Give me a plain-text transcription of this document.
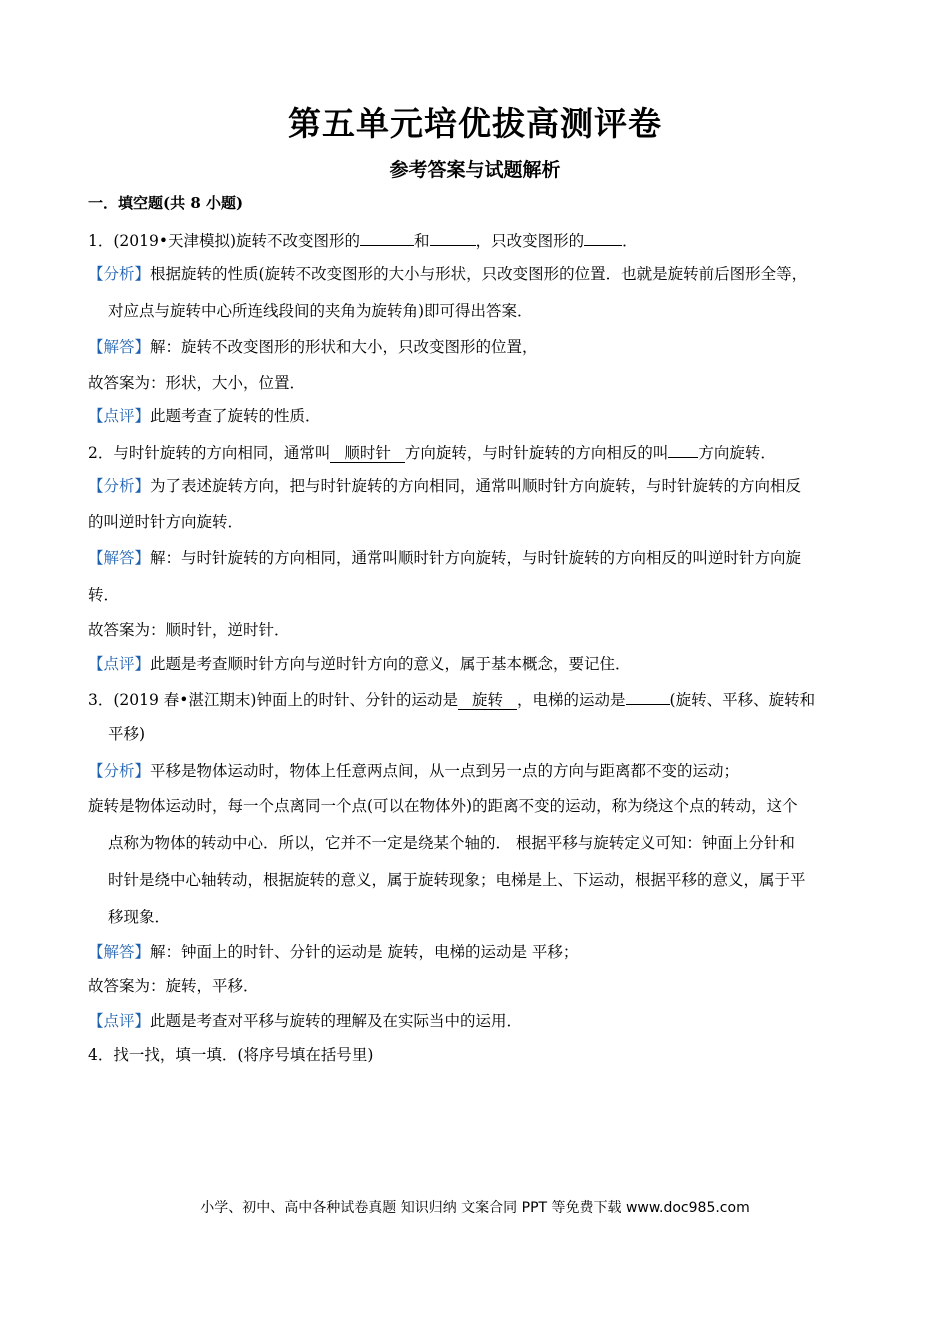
第五单元培优拔高测评卷
参考答案与试题解析
一．填空题(共 8 小题)
1．(2019•天津模拟)旋转不改变图形的	和	，只改变图形的 ．
【分析】根据旋转的性质(旋转不改变图形的大小与形状，只改变图形的位置．也就是旋转前后图形全等，
对应点与旋转中心所连线段间的夹角为旋转角)即可得出答案．
【解答】解：旋转不改变图形的形状和大小，只改变图形的位置，
故答案为：形状，大小，位置．
【点评】此题考查了旋转的性质．
2．与时针旋转的方向相同，通常叫 顺时针 方向旋转，与时针旋转的方向相反的叫 方向旋转．
【分析】为了表述旋转方向，把与时针旋转的方向相同，通常叫顺时针方向旋转，与时针旋转的方向相反
的叫逆时针方向旋转．
【解答】解：与时针旋转的方向相同，通常叫顺时针方向旋转，与时针旋转的方向相反的叫逆时针方向旋
转．
故答案为：顺时针，逆时针．
【点评】此题是考查顺时针方向与逆时针方向的意义，属于基本概念，要记住．
3．(2019 春•湛江期末)钟面上的时针、分针的运动是 旋转 ，电梯的运动是	(旋转、平移、旋转和
平移)
【分析】平移是物体运动时，物体上任意两点间，从一点到另一点的方向与距离都不变的运动；
旋转是物体运动时，每一个点离同一个点(可以在物体外)的距离不变的运动，称为绕这个点的转动，这个
点称为物体的转动中心．所以，它并不一定是绕某个轴的． 根据平移与旋转定义可知：钟面上分针和
时针是绕中心轴转动，根据旋转的意义，属于旋转现象；电梯是上、下运动，根据平移的意义，属于平
移现象．
【解答】解：钟面上的时针、分针的运动是 旋转，电梯的运动是 平移；
故答案为：旋转，平移．
【点评】此题是考查对平移与旋转的理解及在实际当中的运用．
4．找一找，填一填．(将序号填在括号里)
小学、初中、高中各种试卷真题 知识归纳 文案合同 PPT 等免费下载 www.doc985.com
